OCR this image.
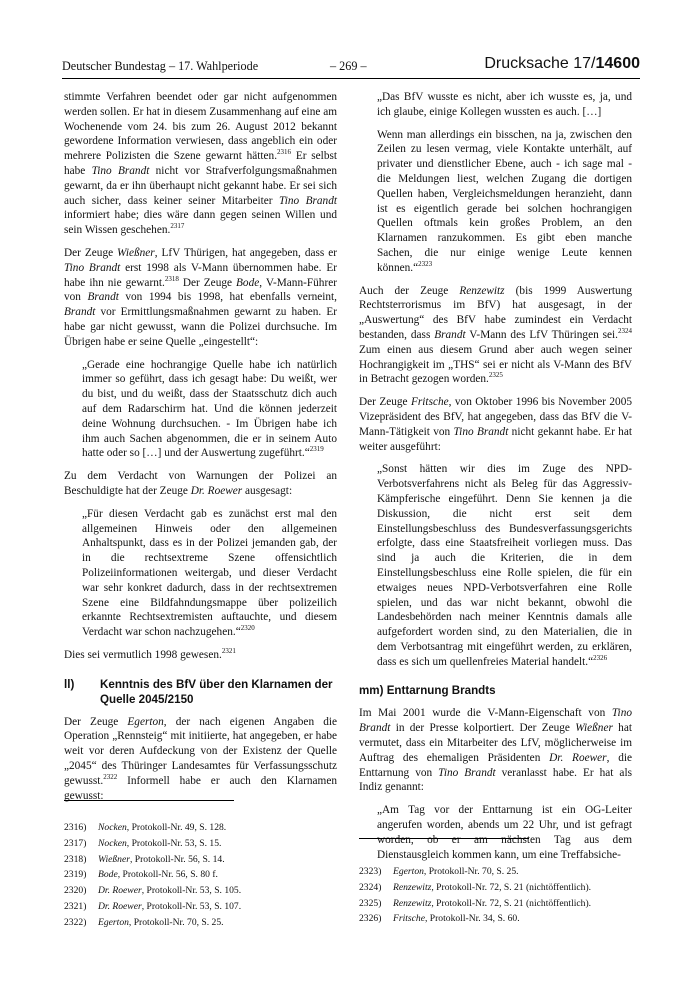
Deutscher Bundestag – 17. Wahlperiode	– 269 –	Drucksache 17/14600

stimmte Verfahren beendet oder gar nicht aufgenommen werden sollen. Er hat in diesem Zusammenhang auf eine am Wochenende vom 24. bis zum 26. August 2012 bekannt gewordene Information verwiesen, dass angeblich ein oder mehrere Polizisten die Szene gewarnt hätten.$^{2316}$ Er selbst habe Tino Brandt nicht vor Strafverfolgungsmaßnahmen gewarnt, da er ihn überhaupt nicht gekannt habe. Er sei sich auch sicher, dass keiner seiner Mitarbeiter Tino Brandt informiert habe; dies wäre dann gegen seinen Willen und sein Wissen geschehen.$^{2317}$

Der Zeuge Wießner, LfV Thürigen, hat angegeben, dass er Tino Brandt erst 1998 als V-Mann übernommen habe. Er habe ihn nie gewarnt.$^{2318}$ Der Zeuge Bode, V-Mann-Führer von Brandt von 1994 bis 1998, hat ebenfalls verneint, Brandt vor Ermittlungsmaßnahmen gewarnt zu haben. Er habe gar nicht gewusst, wann die Polizei durchsuche. Im Übrigen habe er seine Quelle „eingestellt“:

„Gerade eine hochrangige Quelle habe ich natürlich immer so geführt, dass ich gesagt habe: Du weißt, wer du bist, und du weißt, dass der Staatsschutz dich auch auf dem Radarschirm hat. Und die können jederzeit deine Wohnung durchsuchen. - Im Übrigen habe ich ihm auch Sachen abgenommen, die er in seinem Auto hatte oder so […] und der Auswertung zugeführt.“$^{2319}$

Zu dem Verdacht von Warnungen der Polizei an Beschuldigte hat der Zeuge Dr. Roewer ausgesagt:

„Für diesen Verdacht gab es zunächst erst mal den allgemeinen Hinweis oder den allgemeinen Anhaltspunkt, dass es in der Polizei jemanden gab, der in die rechtsextreme Szene offensichtlich Polizeiinformationen weitergab, und dieser Verdacht war sehr konkret dadurch, dass in der rechtsextremen Szene eine Bildfahndungsmappe über polizeilich erkannte Rechtsextremisten auftauchte, und diesem Verdacht war schon nachzugehen.“$^{2320}$

Dies sei vermutlich 1998 gewesen.$^{2321}$

ll)	Kenntnis des BfV über den Klarnamen der Quelle 2045/2150

Der Zeuge Egerton, der nach eigenen Angaben die Operation „Rennsteig“ mit initiierte, hat angegeben, er habe weit vor deren Aufdeckung von der Existenz der Quelle „2045“ des Thüringer Landesamtes für Verfassungsschutz gewusst.$^{2322}$ Informell habe er auch den Klarnamen gewusst:

„Das BfV wusste es nicht, aber ich wusste es, ja, und ich glaube, einige Kollegen wussten es auch. […]

Wenn man allerdings ein bisschen, na ja, zwischen den Zeilen zu lesen vermag, viele Kontakte unterhält, auf privater und dienstlicher Ebene, auch - ich sage mal - die Meldungen liest, welchen Zugang die dortigen Quellen haben, Vergleichsmeldungen heranzieht, dann ist es eigentlich gerade bei solchen hochrangigen Quellen oftmals kein großes Problem, an den Klarnamen ranzukommen. Es gibt eben manche Sachen, die nur einige wenige Leute kennen können.“$^{2323}$

Auch der Zeuge Renzewitz (bis 1999 Auswertung Rechtsterrorismus im BfV) hat ausgesagt, in der „Auswertung“ des BfV habe zumindest ein Verdacht bestanden, dass Brandt V-Mann des LfV Thüringen sei.$^{2324}$ Zum einen aus diesem Grund aber auch wegen seiner Hochrangigkeit im „THS“ sei er nicht als V-Mann des BfV in Betracht gezogen worden.$^{2325}$

Der Zeuge Fritsche, von Oktober 1996 bis November 2005 Vizepräsident des BfV, hat angegeben, dass das BfV die V-Mann-Tätigkeit von Tino Brandt nicht gekannt habe. Er hat weiter ausgeführt:

„Sonst hätten wir dies im Zuge des NPD-Verbotsverfahrens nicht als Beleg für das Aggressiv-Kämpferische eingeführt. Denn Sie kennen ja die Diskussion, die nicht erst seit dem Einstellungsbeschluss des Bundesverfassungsgerichts erfolgte, dass eine Staatsfreiheit vorliegen muss. Das sind ja auch die Kriterien, die in dem Einstellungsbeschluss eine Rolle spielen, die für ein etwaiges neues NPD-Verbotsverfahren eine Rolle spielen, und das war nicht bekannt, obwohl die Landesbehörden nach meiner Kenntnis damals alle aufgefordert worden sind, zu den Materialien, die in dem Verbotsantrag mit eingeführt werden, zu erklären, dass es sich um quellenfreies Material handelt.“$^{2326}$

mm) Enttarnung Brandts

Im Mai 2001 wurde die V-Mann-Eigenschaft von Tino Brandt in der Presse kolportiert. Der Zeuge Wießner hat vermutet, dass ein Mitarbeiter des LfV, möglicherweise im Auftrag des ehemaligen Präsidenten Dr. Roewer, die Enttarnung von Tino Brandt veranlasst habe. Er hat als Indiz genannt:

„Am Tag vor der Enttarnung ist ein OG-Leiter angerufen worden, abends um 22 Uhr, und ist gefragt worden, ob er am nächsten Tag aus dem Dienstausgleich kommen kann, um eine Treffabsiche-

2316)	Nocken, Protokoll-Nr. 49, S. 128.
2317)	Nocken, Protokoll-Nr. 53, S. 15.
2318)	Wießner, Protokoll-Nr. 56, S. 14.
2319)	Bode, Protokoll-Nr. 56, S. 80 f.
2320)	Dr. Roewer, Protokoll-Nr. 53, S. 105.
2321)	Dr. Roewer, Protokoll-Nr. 53, S. 107.
2322)	Egerton, Protokoll-Nr. 70, S. 25.
2323)	Egerton, Protokoll-Nr. 70, S. 25.
2324)	Renzewitz, Protokoll-Nr. 72, S. 21 (nichtöffentlich).
2325)	Renzewitz, Protokoll-Nr. 72, S. 21 (nichtöffentlich).
2326)	Fritsche, Protokoll-Nr. 34, S. 60.
